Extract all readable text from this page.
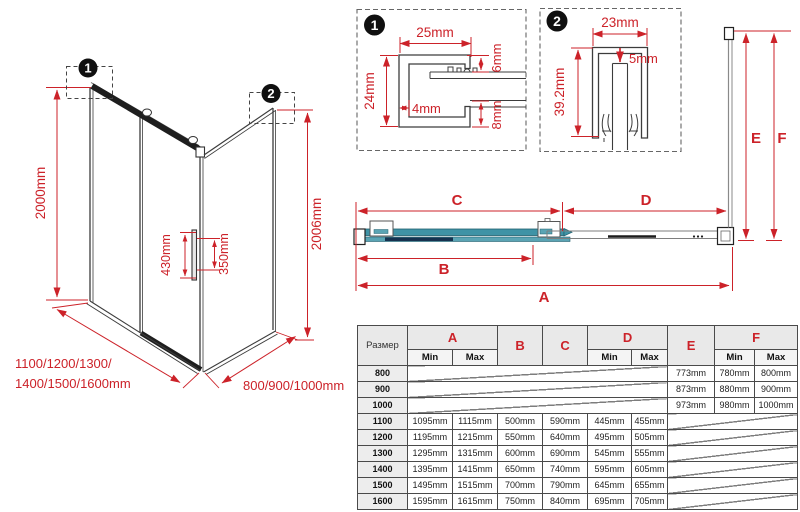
2000mm
2006mm
430mm	350mm
1100/1200/1300/
1400/1500/1600mm	800/900/1000mm
1
2
1	25mm
24mm
6mm
8mm
4mm
2	23mm
5mm
39.2mm
C	D
B
A
E F
Размер	A		B	C	D		E	F	
	Min	Max			Min	Max		Min	Max
800							773mm	780mm	800mm
900							873mm	880mm	900mm
1000							973mm	980mm	1000mm
1100	1095mm	1115mm	500mm	590mm	445mm	455mm			
1200	1195mm	1215mm	550mm	640mm	495mm	505mm			
1300	1295mm	1315mm	600mm	690mm	545mm	555mm			
1400	1395mm	1415mm	650mm	740mm	595mm	605mm			
1500	1495mm	1515mm	700mm	790mm	645mm	655mm			
1600	1595mm	1615mm	750mm	840mm	695mm	705mm			
